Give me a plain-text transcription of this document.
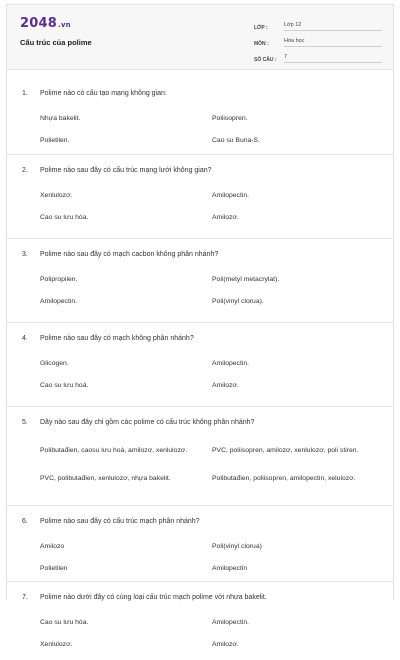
2048.vn
Cấu trúc của polime
LỚP :	Lớp 12
MÔN :	Hóa học
SỐ CÂU :	7
1.	Polime nào có cấu tạo mạng không gian:
Nhựa bakelit.	Poliisopren.
Polietilen.	Cao su Buna-S.
2.	Polime nào sau đây có cấu trúc mạng lưới không gian?
Xenlulozơ.	Amilopectin.
Cao su lưu hóa.	Amilozơ.
3.	Polime nào sau đây có mạch cacbon không phân nhánh?
Polipropilen.	Poli(metyl metacrylat).
Amilopectin.	Poli(vinyl clorua).
4.	Polime nào sau đây có mạch không phân nhánh?
Glicogen.	Amilopectin.
Cao su lưu hoá.	Amilozơ.
5.	Dãy nào sau đây chỉ gồm các polime có cấu trúc không phân nhánh?
Polibutađien, caosu lưu hoá, amilozơ, xenlulozơ.	PVC, poliisopren, amilozơ, xenlulozơ, poli stiren.
PVC, polibutađien, xenlulozơ, nhựa bakelit.	Polibutađien, poliisopren, amilopectin, xelulozơ.
6.	Polime nào sau đây có cấu trúc mạch phân nhánh?
Amilozo	Poli(vinyl clorua)
Polietilen	Amilopectin
7.	Polime nào dưới đây có cùng loại cấu trúc mạch polime với nhựa bakelit.
Cao su lưu hóa.	Amilopectin.
Xenlulozơ.	Amilozơ.
